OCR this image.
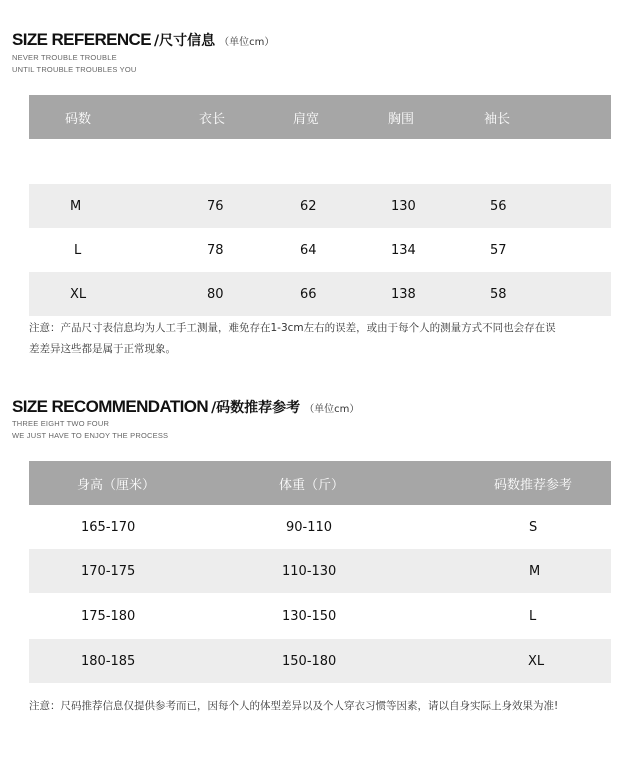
SIZE REFERENCE /尺寸信息 （单位cm）
NEVER TROUBLE TROUBLE
UNTIL TROUBLE TROUBLES YOU
码数	衣长	肩宽	胸围	袖长
M	76	62	130	56
L	78	64	134	57
XL	80	66	138	58
注意：产品尺寸表信息均为人工手工测量，难免存在1-3cm左右的误差，或由于每个人的测量方式不同也会存在误
差差异这些都是属于正常现象。
SIZE RECOMMENDATION /码数推荐参考 （单位cm）
THREE EIGHT TWO FOUR
WE JUST HAVE TO ENJOY THE PROCESS
身高（厘米）	体重（斤）	码数推荐参考
165-170	90-110	S
170-175	110-130	M
175-180	130-150	L
180-185	150-180	XL
注意：尺码推荐信息仅提供参考而已，因每个人的体型差异以及个人穿衣习惯等因素，请以自身实际上身效果为准!
